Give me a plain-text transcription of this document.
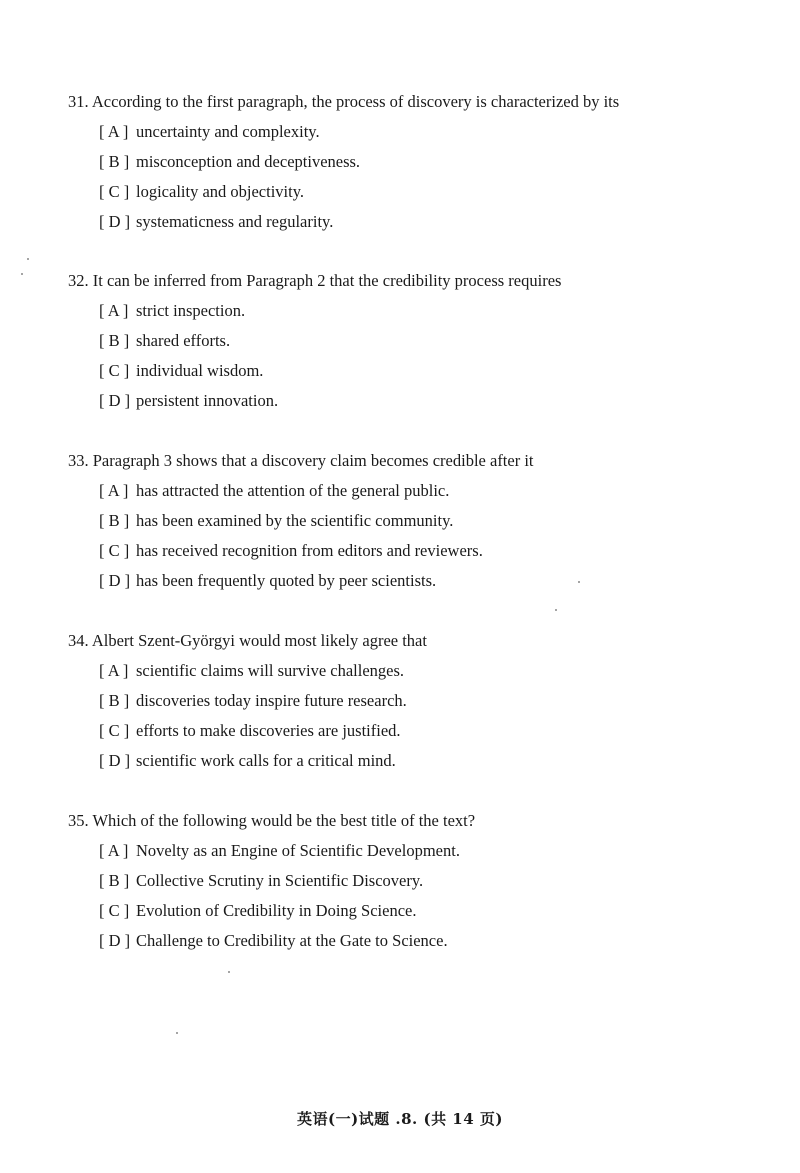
31. According to the first paragraph, the process of discovery is characterized by its
[ A ] uncertainty and complexity.
[ B ] misconception and deceptiveness.
[ C ] logicality and objectivity.
[ D ] systematicness and regularity.
32. It can be inferred from Paragraph 2 that the credibility process requires
[ A ] strict inspection.
[ B ] shared efforts.
[ C ] individual wisdom.
[ D ] persistent innovation.
33. Paragraph 3 shows that a discovery claim becomes credible after it
[ A ] has attracted the attention of the general public.
[ B ] has been examined by the scientific community.
[ C ] has received recognition from editors and reviewers.
[ D ] has been frequently quoted by peer scientists.
34. Albert Szent-Györgyi would most likely agree that
[ A ] scientific claims will survive challenges.
[ B ] discoveries today inspire future research.
[ C ] efforts to make discoveries are justified.
[ D ] scientific work calls for a critical mind.
35. Which of the following would be the best title of the text?
[ A ] Novelty as an Engine of Scientific Development.
[ B ] Collective Scrutiny in Scientific Discovery.
[ C ] Evolution of Credibility in Doing Science.
[ D ] Challenge to Credibility at the Gate to Science.
英语(一)试题 .8. (共 14 页)
